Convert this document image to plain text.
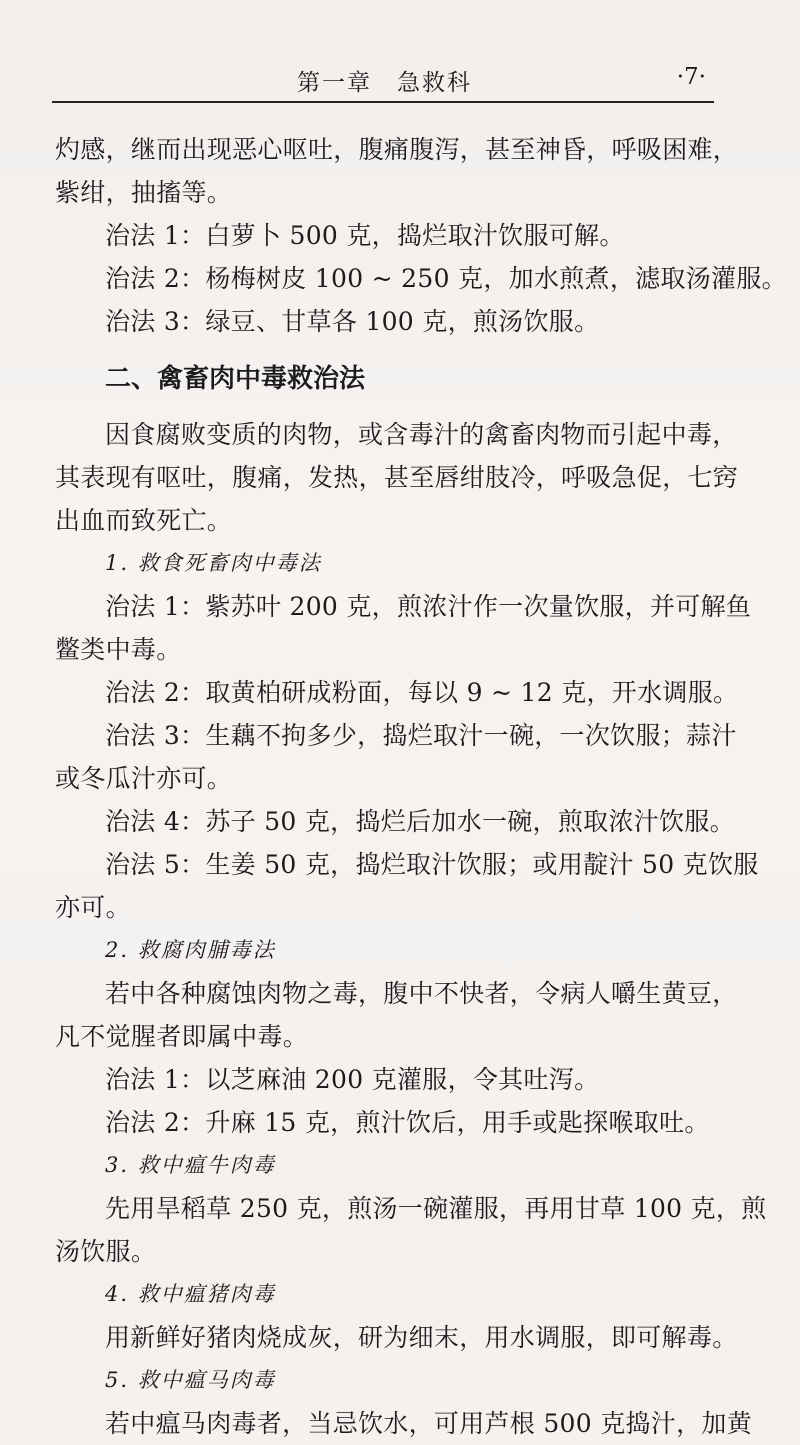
第一章　急救科	·7·
灼感，继而出现恶心呕吐，腹痛腹泻，甚至神昏，呼吸困难，
紫绀，抽搐等。
治法 1：白萝卜 500 克，捣烂取汁饮服可解。
治法 2：杨梅树皮 100 ~ 250 克，加水煎煮，滤取汤灌服。
治法 3：绿豆、甘草各 100 克，煎汤饮服。
二、禽畜肉中毒救治法
因食腐败变质的肉物，或含毒汁的禽畜肉物而引起中毒，
其表现有呕吐，腹痛，发热，甚至唇绀肢冷，呼吸急促，七窍
出血而致死亡。
1. 救食死畜肉中毒法
治法 1：紫苏叶 200 克，煎浓汁作一次量饮服，并可解鱼
鳖类中毒。
治法 2：取黄柏研成粉面，每以 9 ~ 12 克，开水调服。
治法 3：生藕不拘多少，捣烂取汁一碗，一次饮服；蒜汁
或冬瓜汁亦可。
治法 4：苏子 50 克，捣烂后加水一碗，煎取浓汁饮服。
治法 5：生姜 50 克，捣烂取汁饮服；或用靛汁 50 克饮服
亦可。
2. 救腐肉脯毒法
若中各种腐蚀肉物之毒，腹中不快者，令病人嚼生黄豆，
凡不觉腥者即属中毒。
治法 1：以芝麻油 200 克灌服，令其吐泻。
治法 2：升麻 15 克，煎汁饮后，用手或匙探喉取吐。
3. 救中瘟牛肉毒
先用旱稻草 250 克，煎汤一碗灌服，再用甘草 100 克，煎
汤饮服。
4. 救中瘟猪肉毒
用新鲜好猪肉烧成灰，研为细末，用水调服，即可解毒。
5. 救中瘟马肉毒
若中瘟马肉毒者，当忌饮水，可用芦根 500 克捣汁，加黄
